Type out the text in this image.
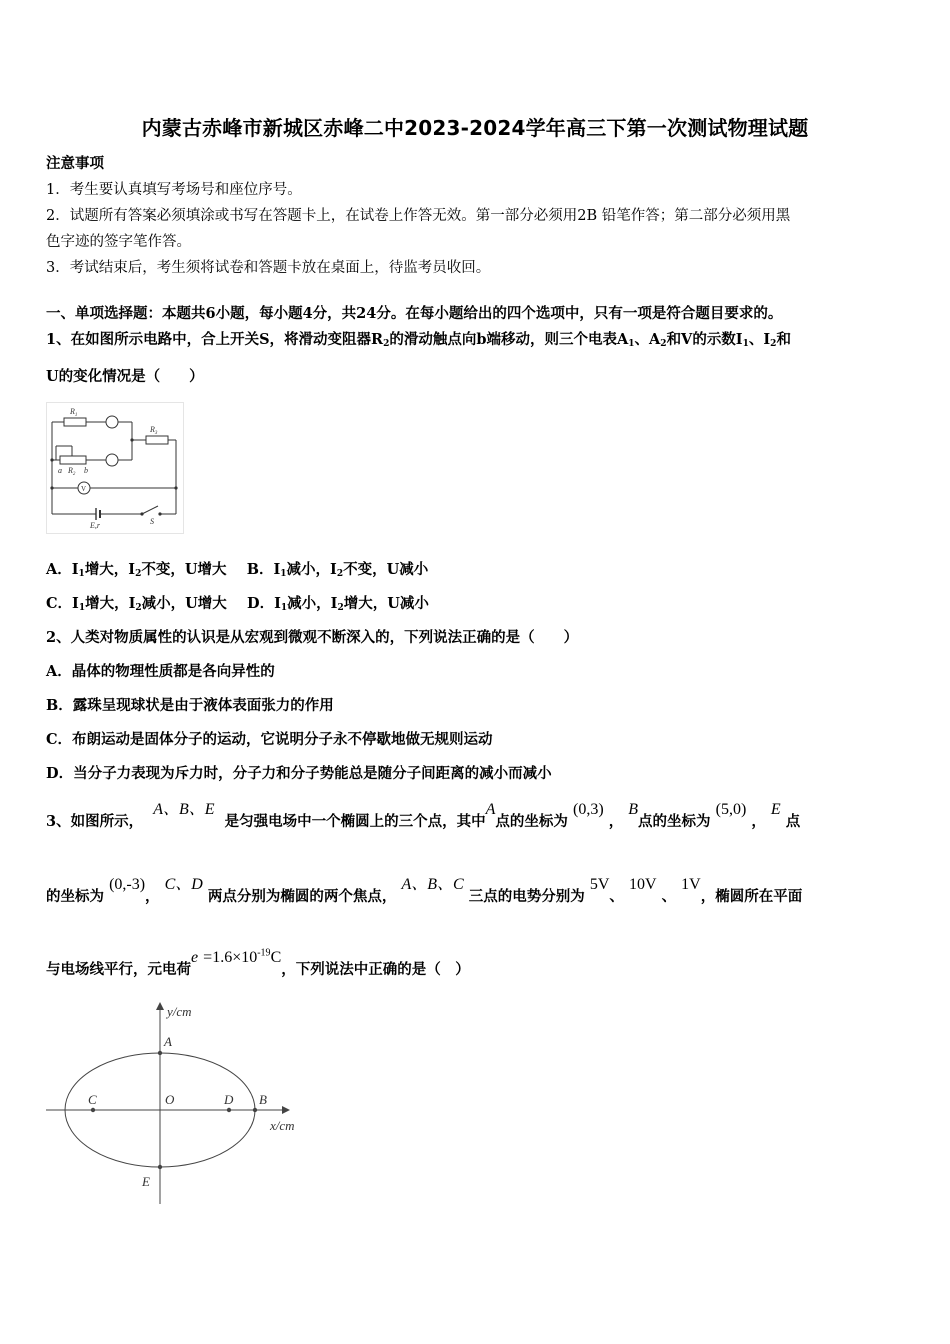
内蒙古赤峰市新城区赤峰二中2023-2024学年高三下第一次测试物理试题
注意事项
1．考生要认真填写考场号和座位序号。
2．试题所有答案必须填涂或书写在答题卡上，在试卷上作答无效。第一部分必须用2B 铅笔作答；第二部分必须用黑
色字迹的签字笔作答。
3．考试结束后，考生须将试卷和答题卡放在桌面上，待监考员收回。
一、单项选择题：本题共6小题，每小题4分，共24分。在每小题给出的四个选项中，只有一项是符合题目要求的。
1、在如图所示电路中，合上开关S，将滑动变阻器$R_2$的滑动触点向b端移动，则三个电表$A_1$、$A_2$和V的示数$I_1$、$I_2$和
U的变化情况是（　　）
$R_1$
$R_3$
$R_2$
a	b
V
E,r	S
A．$I_1$增大，$I_2$不变，U增大 B．$I_1$减小，$I_2$不变，U减小
C．$I_1$增大，$I_2$减小，U增大 D．$I_1$减小，$I_2$增大，U减小
2、人类对物质属性的认识是从宏观到微观不断深入的，下列说法正确的是（　　）
A．晶体的物理性质都是各向异性的
B．露珠呈现球状是由于液体表面张力的作用
C．布朗运动是固体分子的运动，它说明分子永不停歇地做无规则运动
D．当分子力表现为斥力时，分子力和分子势能总是随分子间距离的减小而减小
3、如图所示，  A、B、E  是匀强电场中一个椭圆上的三个点，其中A点的坐标为 (0,3) ， B点的坐标为 (5,0) ， E 点
的坐标为 (0,-3)， C、D 两点分别为椭圆的两个焦点， A、B、C 三点的电势分别为 5V、 10V 、 1V，椭圆所在平面
与电场线平行，元电荷$e =1.6\times 10^{-19}C$，下列说法中正确的是（　）
y/cm
x/cm
A
B
C	D
O
E
